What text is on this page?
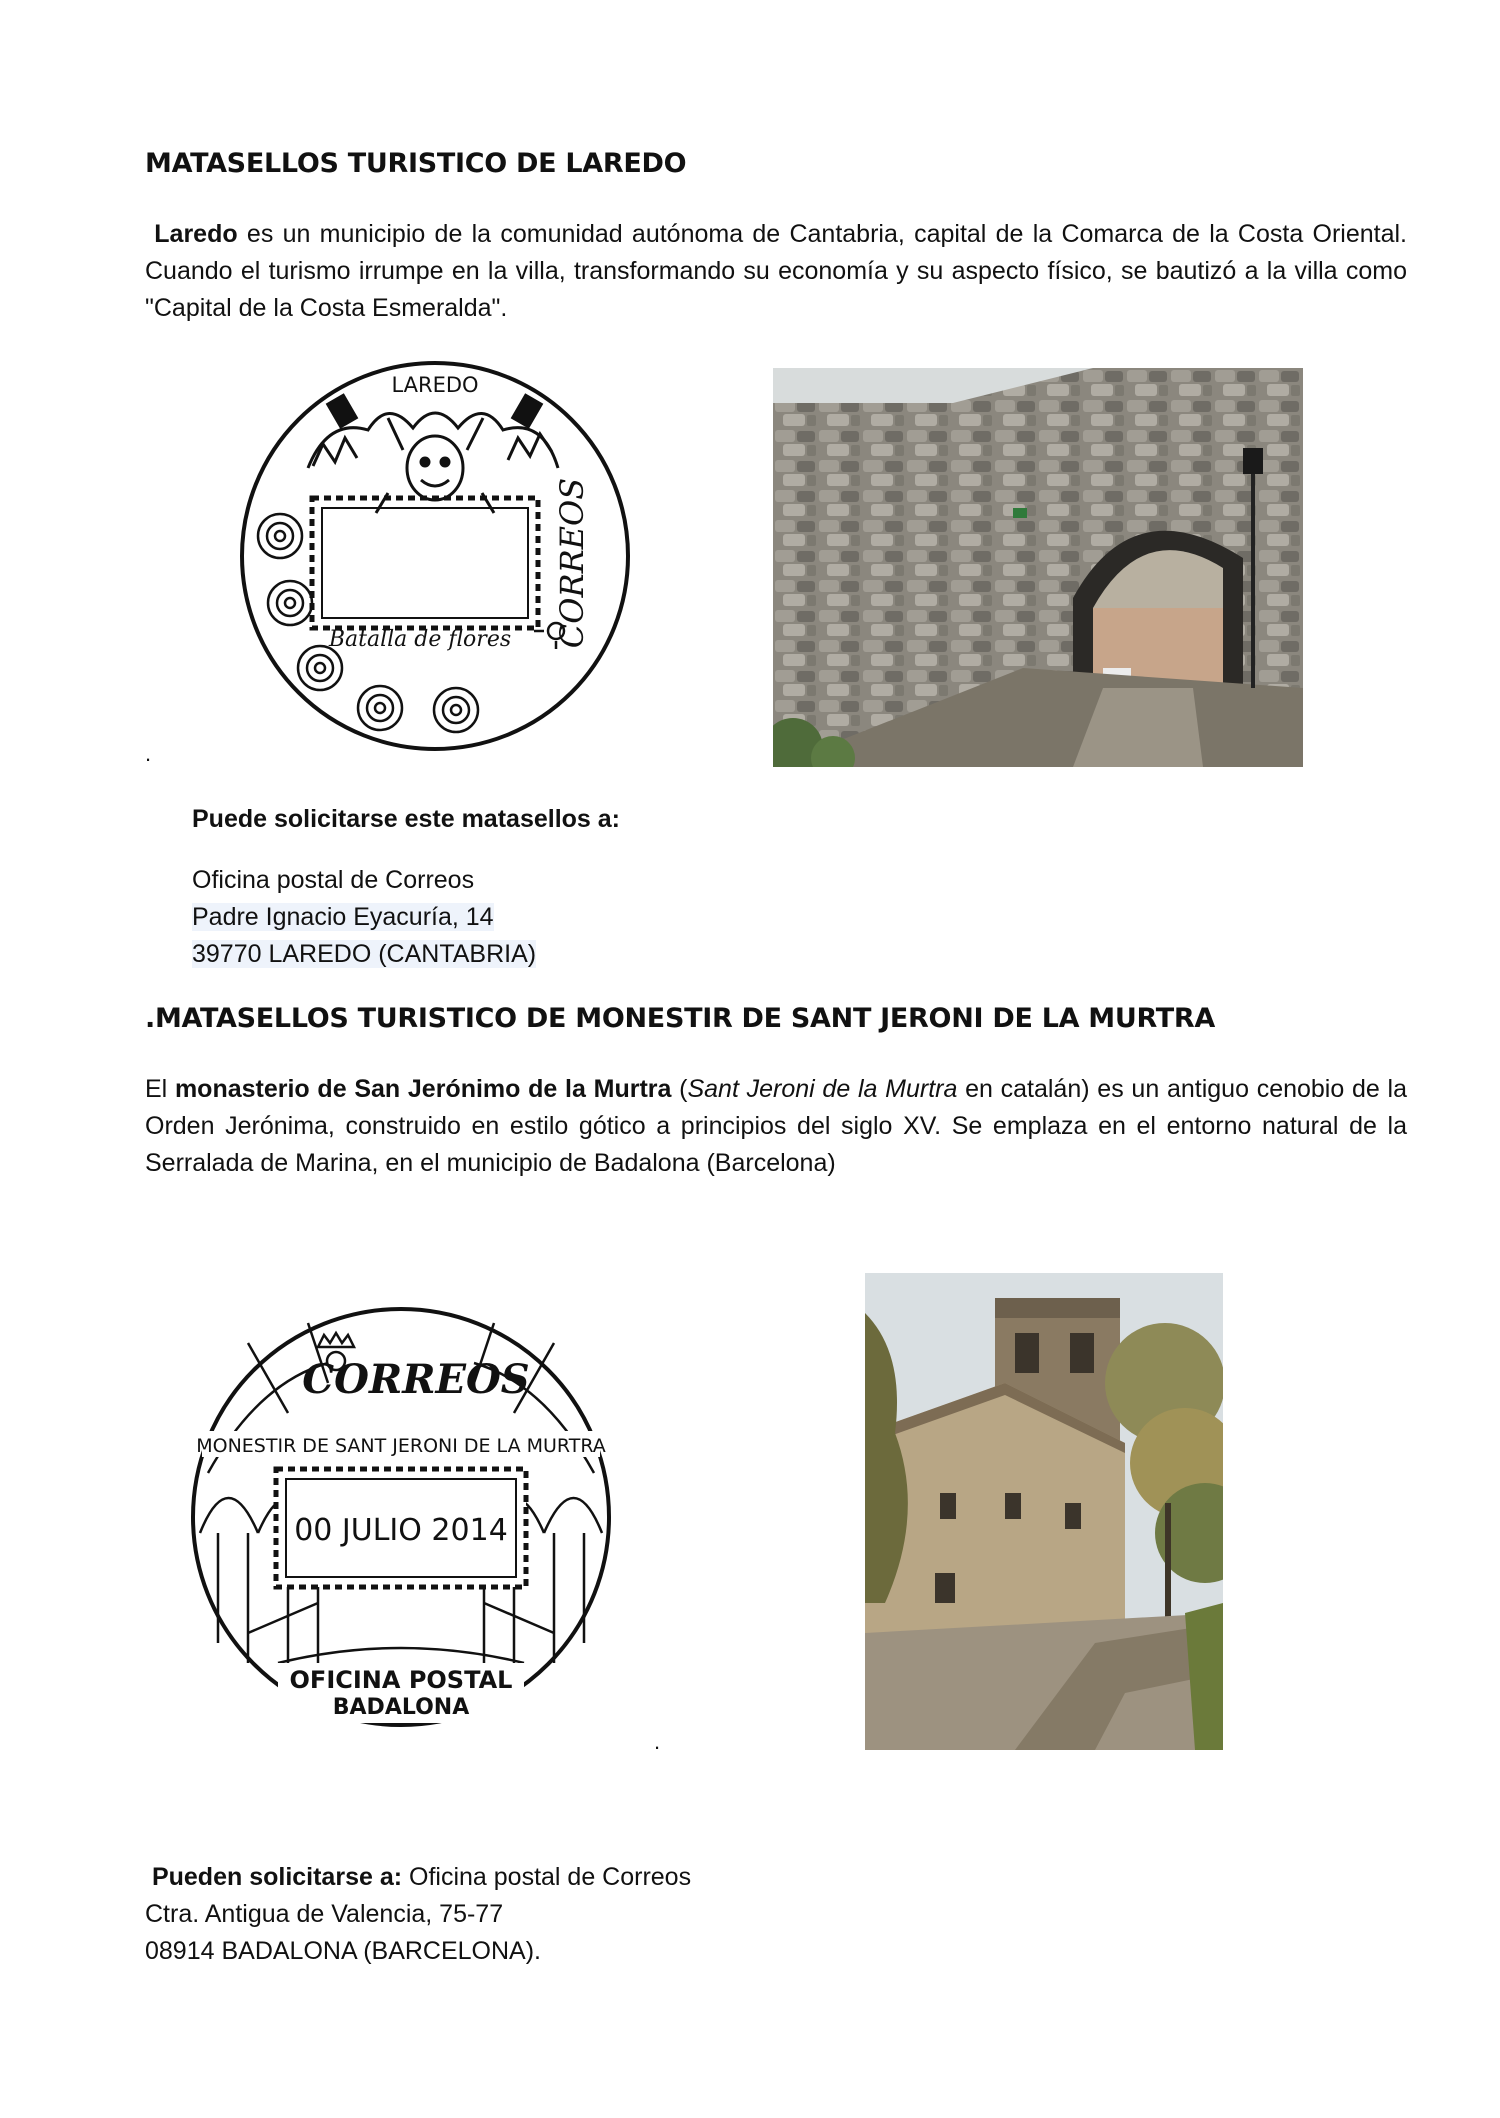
MATASELLOS TURISTICO DE LAREDO

Laredo es un municipio de la comunidad autónoma de Cantabria, capital de la Comarca de la Costa Oriental. Cuando el turismo irrumpe en la villa, transformando su economía y su aspecto físico, se bautizó a la villa como "Capital de la Costa Esmeralda".

LAREDO
CORREOS
Batalla de flores
.

Puede solicitarse este matasellos a:

Oficina postal de Correos

Padre Ignacio Eyacuría, 14

39770 LAREDO (CANTABRIA)

.MATASELLOS TURISTICO DE MONESTIR DE SANT JERONI DE LA MURTRA

El monasterio de San Jerónimo de la Murtra (Sant Jeroni de la Murtra en catalán) es un antiguo cenobio de la Orden Jerónima, construido en estilo gótico a principios del siglo XV. Se emplaza en el entorno natural de la Serralada de Marina, en el municipio de Badalona (Barcelona)

CORREOS
MONESTIR DE SANT JERONI DE LA MURTRA
00 JULIO 2014
OFICINA POSTAL
BADALONA
.

Pueden solicitarse a: Oficina postal de Correos

Ctra. Antigua de Valencia, 75-77

08914 BADALONA (BARCELONA).
